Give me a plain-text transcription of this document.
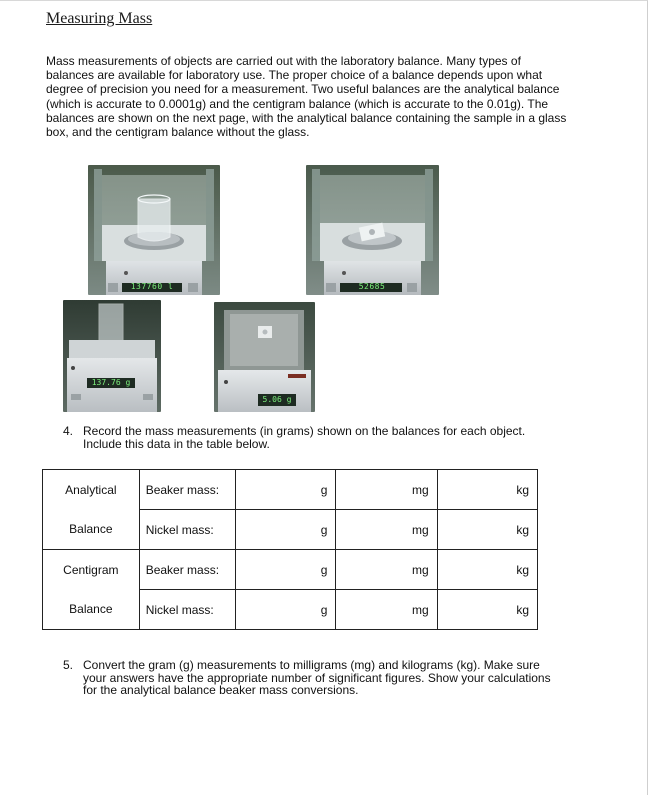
Measuring Mass

Mass measurements of objects are carried out with the laboratory balance. Many types of
balances are available for laboratory use. The proper choice of a balance depends upon what
degree of precision you need for a measurement. Two useful balances are the analytical balance
(which is accurate to 0.0001g) and the centigram balance (which is accurate to the 0.01g). The
balances are shown on the next page, with the analytical balance containing the sample in a glass
box, and the centigram balance without the glass.

137760 l	52685
137.76 g
5.06 g

4. Record the mass measurements (in grams) shown on the balances for each object.
Include this data in the table below.

Analytical	Beaker mass:	g	mg	kg
Balance	Nickel mass:	g	mg	kg
Centigram	Beaker mass:	g	mg	kg
Balance	Nickel mass:	g	mg	kg

5. Convert the gram (g) measurements to milligrams (mg) and kilograms (kg). Make sure
your answers have the appropriate number of significant figures. Show your calculations
for the analytical balance beaker mass conversions.
